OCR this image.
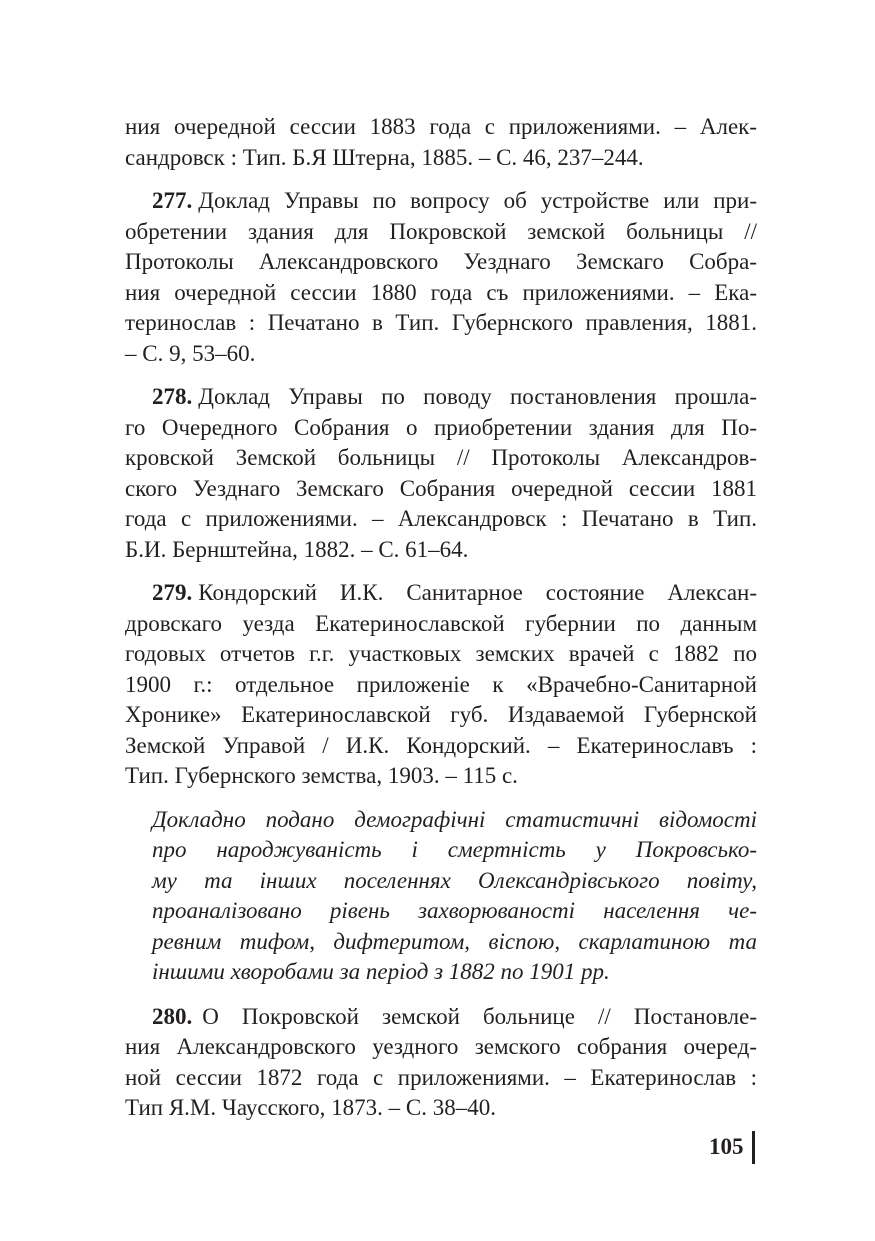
ния очередной сессии 1883 года с приложениями. – Алек-
сандровск : Тип. Б.Я Штерна, 1885. – С. 46, 237–244.
277. Доклад Управы по вопросу об устройстве или при-
обретении здания для Покровской земской больницы //
Протоколы Александровского Уезднаго Земскаго Собра-
ния очередной сессии 1880 года съ приложениями. – Ека-
теринослав : Печатано в Тип. Губернского правления, 1881.
– С. 9, 53–60.
278. Доклад Управы по поводу постановления прошла-
го Очередного Собрания о приобретении здания для По-
кровской Земской больницы // Протоколы Александров-
ского Уезднаго Земскаго Собрания очередной сессии 1881
года с приложениями. – Александровск : Печатано в Тип.
Б.И. Бернштейна, 1882. – С. 61–64.
279. Кондорский И.К. Санитарное состояние Алексан-
дровскаго уезда Екатеринославской губернии по данным
годовых отчетов г.г. участковых земских врачей с 1882 по
1900 г.: отдельное приложеніе к «Врачебно-Санитарной
Хронике» Екатеринославской губ. Издаваемой Губернской
Земской Управой / И.К. Кондорский. – Екатеринославъ :
Тип. Губернского земства, 1903. – 115 с.
Докладно подано демографічні статистичні відомості
про народжуваність і смертність у Покровсько-
му та інших поселеннях Олександрівського повіту,
проаналізовано рівень захворюваності населення че-
ревним тифом, дифтеритом, віспою, скарлатиною та
іншими хворобами за період з 1882 по 1901 рр.
280. О Покровской земской больнице // Постановле-
ния Александровского уездного земского собрания очеред-
ной сессии 1872 года с приложениями. – Екатеринослав :
Тип Я.М. Чаусского, 1873. – С. 38–40.
105
